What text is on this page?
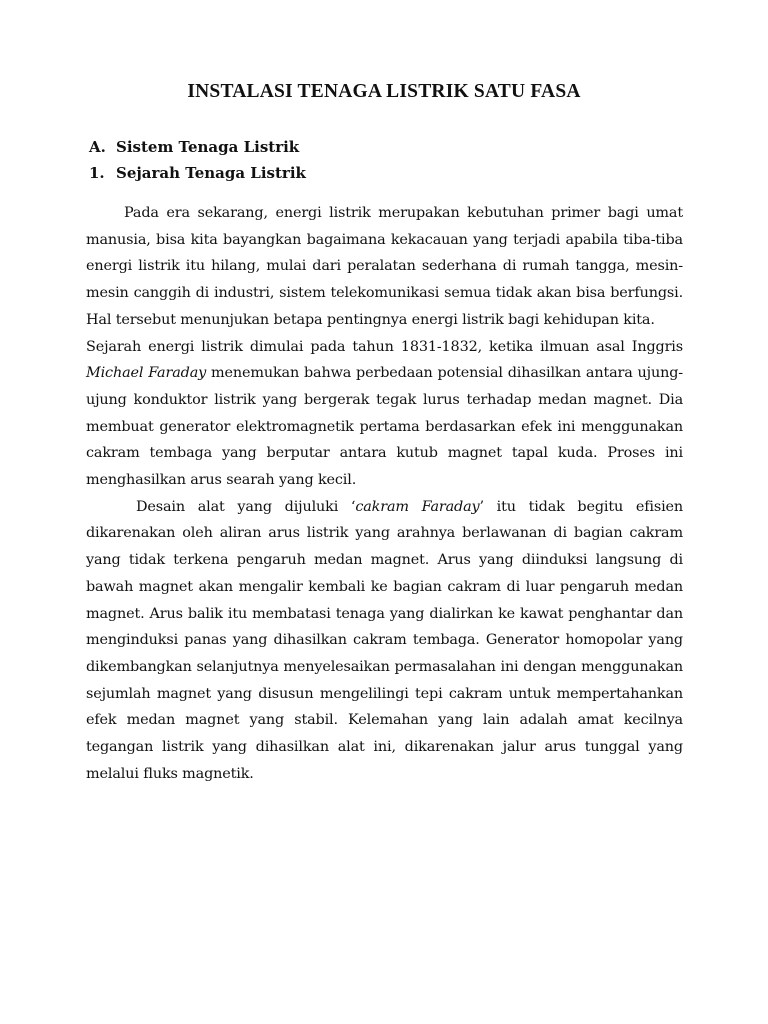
INSTALASI TENAGA LISTRIK SATU FASA
A. Sistem Tenaga Listrik
1. Sejarah Tenaga Listrik

Pada era sekarang, energi listrik merupakan kebutuhan primer bagi umat manusia, bisa kita bayangkan bagaimana kekacauan yang terjadi apabila tiba-tiba energi listrik itu hilang, mulai dari peralatan sederhana di rumah tangga, mesin-mesin canggih di industri, sistem telekomunikasi semua tidak akan bisa berfungsi. Hal tersebut menunjukan betapa pentingnya energi listrik bagi kehidupan kita.

Sejarah energi listrik dimulai pada tahun 1831-1832, ketika ilmuan asal Inggris Michael Faraday menemukan bahwa perbedaan potensial dihasilkan antara ujung-ujung konduktor listrik yang bergerak tegak lurus terhadap medan magnet. Dia membuat generator elektromagnetik pertama berdasarkan efek ini menggunakan cakram tembaga yang berputar antara kutub magnet tapal kuda. Proses ini menghasilkan arus searah yang kecil.

Desain alat yang dijuluki ‘cakram Faraday’ itu tidak begitu efisien dikarenakan oleh aliran arus listrik yang arahnya berlawanan di bagian cakram yang tidak terkena pengaruh medan magnet. Arus yang diinduksi langsung di bawah magnet akan mengalir kembali ke bagian cakram di luar pengaruh medan magnet. Arus balik itu membatasi tenaga yang dialirkan ke kawat penghantar dan menginduksi panas yang dihasilkan cakram tembaga. Generator homopolar yang dikembangkan selanjutnya menyelesaikan permasalahan ini dengan menggunakan sejumlah magnet yang disusun mengelilingi tepi cakram untuk mempertahankan efek medan magnet yang stabil. Kelemahan yang lain adalah amat kecilnya tegangan listrik yang dihasilkan alat ini, dikarenakan jalur arus tunggal yang melalui fluks magnetik.
